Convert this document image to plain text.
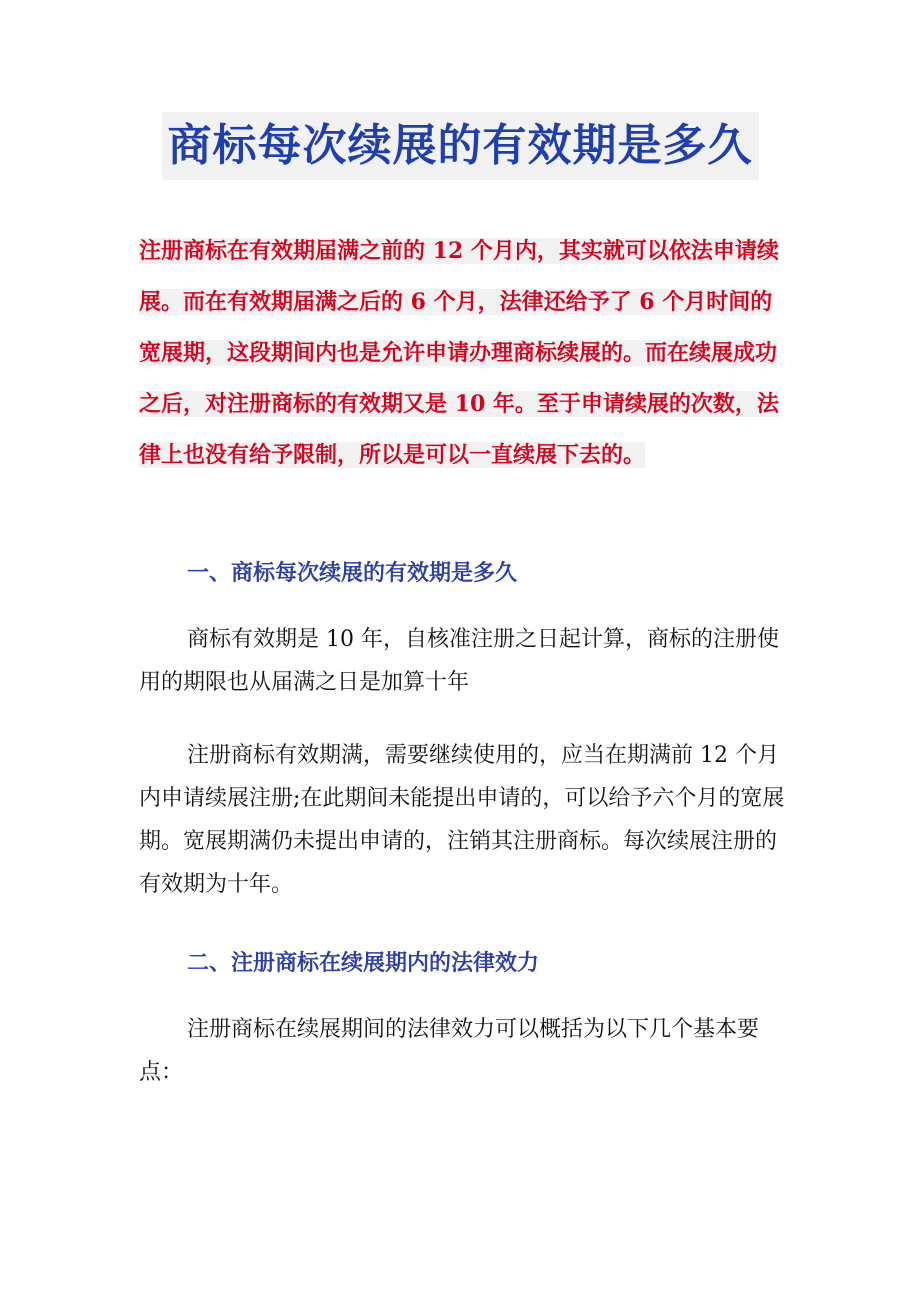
商标每次续展的有效期是多久

注册商标在有效期届满之前的 12 个月内，其实就可以依法申请续展。而在有效期届满之后的 6 个月，法律还给予了 6 个月时间的宽展期，这段期间内也是允许申请办理商标续展的。而在续展成功之后，对注册商标的有效期又是 10 年。至于申请续展的次数，法律上也没有给予限制，所以是可以一直续展下去的。

一、商标每次续展的有效期是多久

商标有效期是 10 年，自核准注册之日起计算，商标的注册使用的期限也从届满之日是加算十年

注册商标有效期满，需要继续使用的，应当在期满前 12 个月内申请续展注册;在此期间未能提出申请的，可以给予六个月的宽展期。宽展期满仍未提出申请的，注销其注册商标。每次续展注册的有效期为十年。

二、注册商标在续展期内的法律效力

注册商标在续展期间的法律效力可以概括为以下几个基本要点：
